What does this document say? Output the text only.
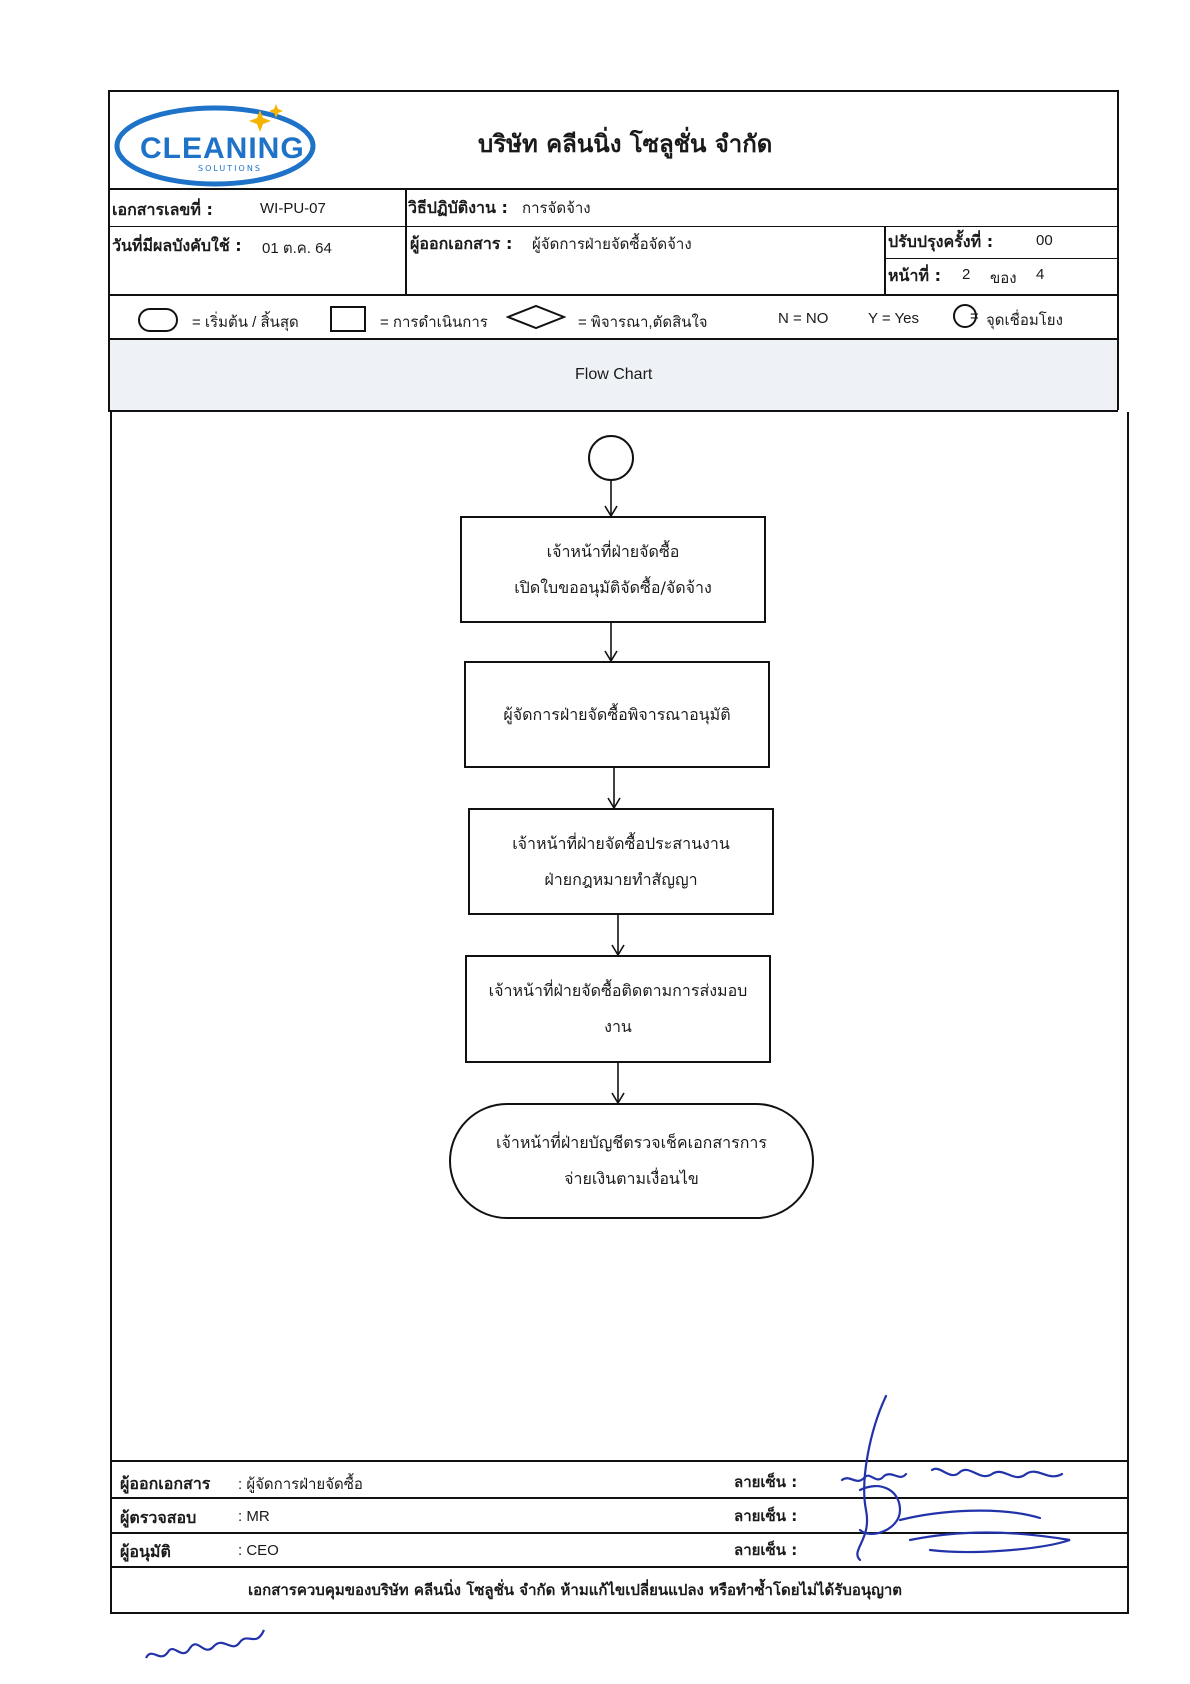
CLEANING
SOLUTIONS
บริษัท คลีนนิ่ง โซลูชั่น จำกัด
เอกสารเลขที่ :	WI-PU-07	วิธีปฏิบัติงาน : การจัดจ้าง
วันที่มีผลบังคับใช้ : 01 ต.ค. 64	ผู้ออกเอกสาร : ผู้จัดการฝ่ายจัดซื้อจัดจ้าง	ปรับปรุงครั้งที่ :	00
หน้าที่ : 2 ของ 4
= เริ่มต้น / สิ้นสุด	= การดำเนินการ	= พิจารณา,ตัดสินใจ	N = NO	Y = Yes	= จุดเชื่อมโยง
Flow Chart
เจ้าหน้าที่ฝ่ายจัดซื้อ
เปิดใบขออนุมัติจัดซื้อ/จัดจ้าง
ผู้จัดการฝ่ายจัดซื้อพิจารณาอนุมัติ
เจ้าหน้าที่ฝ่ายจัดซื้อประสานงาน
ฝ่ายกฎหมายทำสัญญา
เจ้าหน้าที่ฝ่ายจัดซื้อติดตามการส่งมอบ
งาน
เจ้าหน้าที่ฝ่ายบัญชีตรวจเช็คเอกสารการ
จ่ายเงินตามเงื่อนไข
ผู้ออกเอกสาร : ผู้จัดการฝ่ายจัดซื้อ
ผู้ตรวจสอบ	: MR
ผู้อนุมัติ	: CEO
ลายเซ็น :
ลายเซ็น :
ลายเซ็น :
เอกสารควบคุมของบริษัท คลีนนิ่ง โซลูชั่น จำกัด ห้ามแก้ไขเปลี่ยนแปลง หรือทำซ้ำโดยไม่ได้รับอนุญาต
